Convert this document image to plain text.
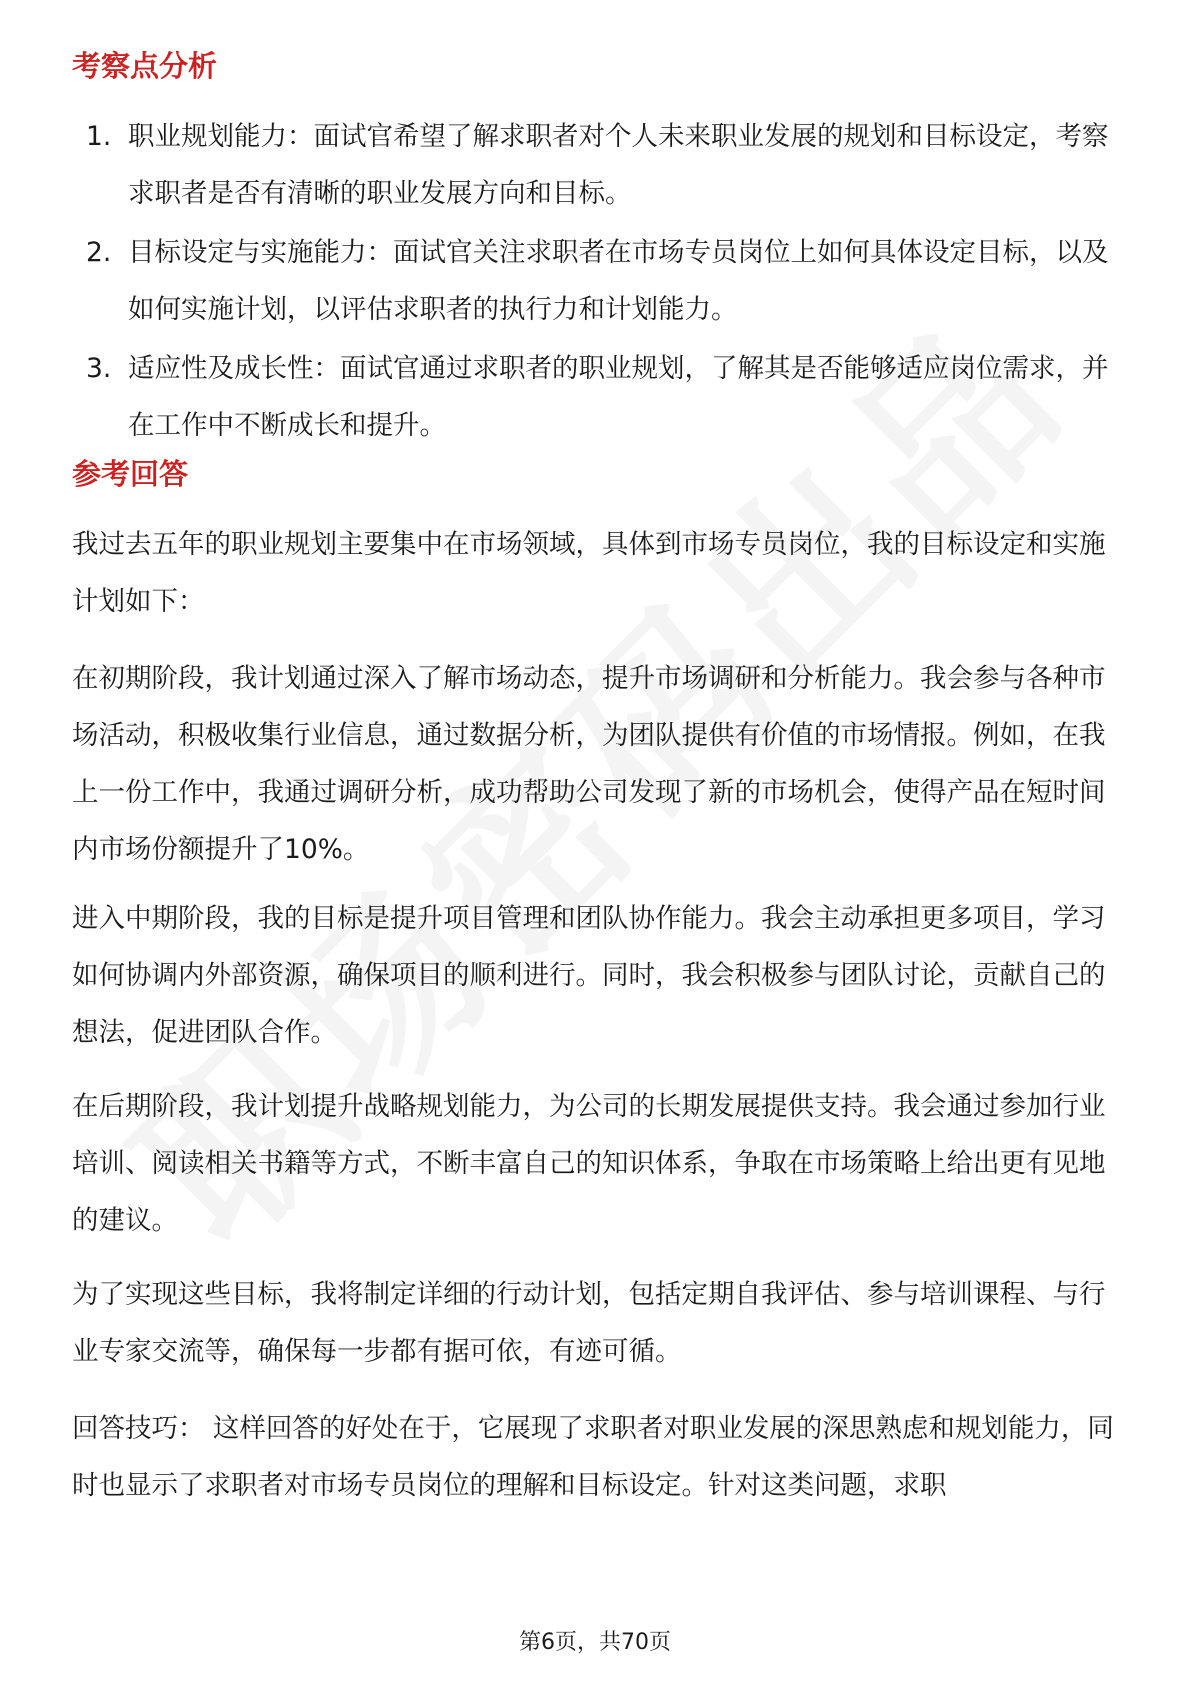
考察点分析
1. 职业规划能力：面试官希望了解求职者对个人未来职业发展的规划和目标设定，考察求职者是否有清晰的职业发展方向和目标。
2. 目标设定与实施能力：面试官关注求职者在市场专员岗位上如何具体设定目标，以及如何实施计划，以评估求职者的执行力和计划能力。
3. 适应性及成长性：面试官通过求职者的职业规划，了解其是否能够适应岗位需求，并在工作中不断成长和提升。
参考回答

我过去五年的职业规划主要集中在市场领域，具体到市场专员岗位，我的目标设定和实施计划如下：

在初期阶段，我计划通过深入了解市场动态，提升市场调研和分析能力。我会参与各种市场活动，积极收集行业信息，通过数据分析，为团队提供有价值的市场情报。例如，在我上一份工作中，我通过调研分析，成功帮助公司发现了新的市场机会，使得产品在短时间内市场份额提升了10%。

进入中期阶段，我的目标是提升项目管理和团队协作能力。我会主动承担更多项目，学习如何协调内外部资源，确保项目的顺利进行。同时，我会积极参与团队讨论，贡献自己的想法，促进团队合作。

在后期阶段，我计划提升战略规划能力，为公司的长期发展提供支持。我会通过参加行业培训、阅读相关书籍等方式，不断丰富自己的知识体系，争取在市场策略上给出更有见地的建议。

为了实现这些目标，我将制定详细的行动计划，包括定期自我评估、参与培训课程、与行业专家交流等，确保每一步都有据可依，有迹可循。

回答技巧： 这样回答的好处在于，它展现了求职者对职业发展的深思熟虑和规划能力，同时也显示了求职者对市场专员岗位的理解和目标设定。针对这类问题，求职

第6页，共70页
